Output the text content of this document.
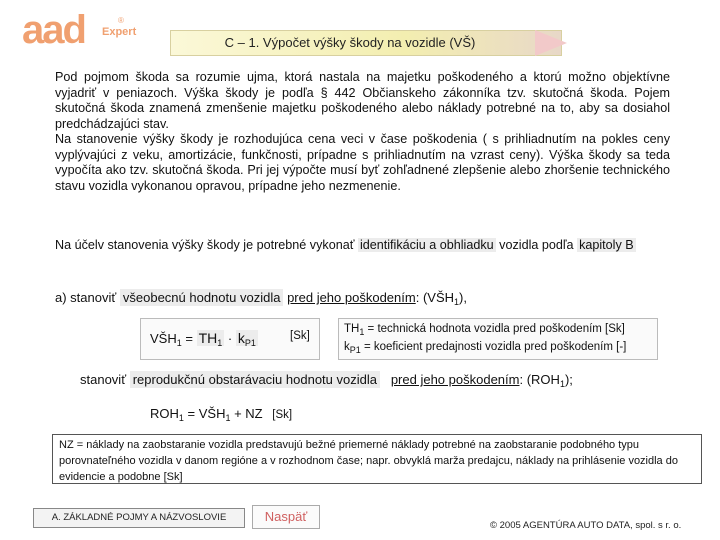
aad	®
Expert
C – 1. Výpočet výšky škody na vozidle (VŠ)

Pod pojmom škoda sa rozumie ujma, ktorá nastala na majetku poškodeného a ktorú možno objektívne vyjadriť v peniazoch. Výška škody je podľa § 442 Občianskeho zákonníka tzv. skutočná škoda. Pojem skutočná škoda znamená zmenšenie majetku poškodeného alebo náklady potrebné na to, aby sa dosiahol predchádzajúci stav.

Na stanovenie výšky škody je rozhodujúca cena veci v čase poškodenia ( s prihliadnutím na pokles ceny vyplývajúci z veku, amortizácie, funkčnosti, prípadne s prihliadnutím na vzrast ceny). Výška škody sa teda vypočíta ako tzv. skutočná škoda. Pri jej výpočte musí byť zohľadnené zlepšenie alebo zhoršenie technického stavu vozidla vykonanou opravou, prípadne jeho nezmenenie.

Na účelv stanovenia výšky škody je potrebné vykonať identifikáciu a obhliadku vozidla podľa kapitoly B
a) stanoviť všeobecnú hodnotu vozidla pred jeho poškodením: $(VŠH_1)$,
$VŠH_1 = TH_1 \cdot k_{P1}$
[Sk]
$TH_1$ = technická hodnota vozidla pred poškodením [Sk]
$k_{P1}$ = koeficient predajnosti vozidla pred poškodením [-]
stanoviť reprodukčnú obstarávaciu hodnotu vozidla pred jeho poškodením: $(ROH_1)$;
$ROH_1$ = $VŠH_1$ + NZ [Sk]
NZ = náklady na zaobstaranie vozidla predstavujú bežné priemerné náklady potrebné na zaobstaranie podobného typu porovnateľného vozidla v danom regióne a v rozhodnom čase; napr. obvyklá marža predajcu, náklady na prihlásenie vozidla do evidencie a podobne [Sk]
A. ZÁKLADNÉ POJMY A NÁZVOSLOVIE	Naspäť
© 2005 AGENTÚRA AUTO DATA, spol. s r. o.
